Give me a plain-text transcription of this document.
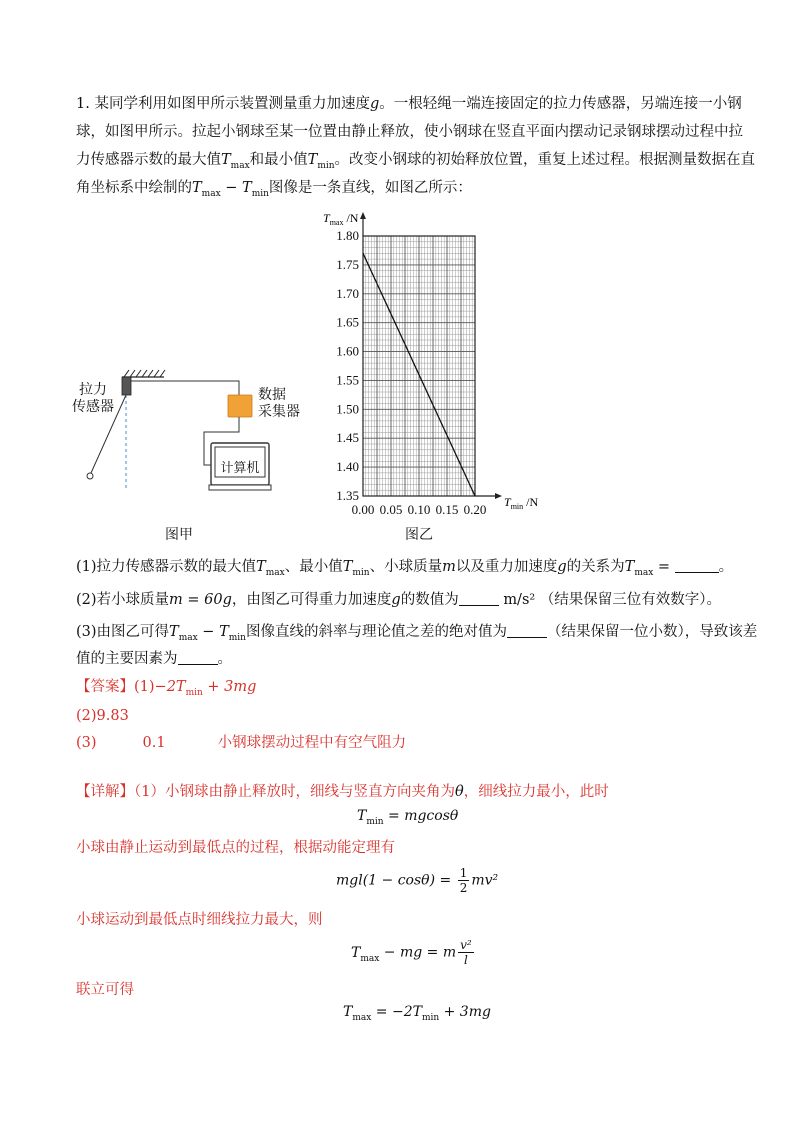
1. 某同学利用如图甲所示装置测量重力加速度g。一根轻绳一端连接固定的拉力传感器，另端连接一小钢
球，如图甲所示。拉起小钢球至某一位置由静止释放，使小钢球在竖直平面内摆动记录钢球摆动过程中拉
力传感器示数的最大值$T_{max}$和最小值$T_{min}$。改变小钢球的初始释放位置，重复上述过程。根据测量数据在直
角坐标系中绘制的$T_{max} - T_{min}$图像是一条直线，如图乙所示：
拉力
传感器
数据
采集器
计算机
图甲
1.35
1.40
1.45
1.50
1.55
1.60
1.65
1.70
1.75
1.80
0.00 0.05 0.10 0.15 0.20
$T_{max}$ /N
$T_{min}$ /N
图乙
(1)拉力传感器示数的最大值$T_{max}$、最小值$T_{min}$、小球质量m以及重力加速度g的关系为$T_{max}$ =	。
(2)若小球质量m = 60g，由图乙可得重力加速度g的数值为	m/s² （结果保留三位有效数字）。
(3)由图乙可得$T_{max} - T_{min}$图像直线的斜率与理论值之差的绝对值为	（结果保留一位小数），导致该差
值的主要因素为	。
【答案】$(1)-2T_{min} + 3mg$
(2)9.83
(3)	0.1	小钢球摆动过程中有空气阻力
【详解】（1）小钢球由静止释放时，细线与竖直方向夹角为θ，细线拉力最小，此时
$T_{min} = mgcos\theta$
小球由静止运动到最低点的过程，根据动能定理有
$mgl(1 - \cos\theta) = \frac{1}{2} mv^2$
小球运动到最低点时细线拉力最大，则
$T_{max}$ − mg = m $\frac{\text{v²}}{l}$
联立可得
$T_{max} = -2T_{min} + 3mg$
